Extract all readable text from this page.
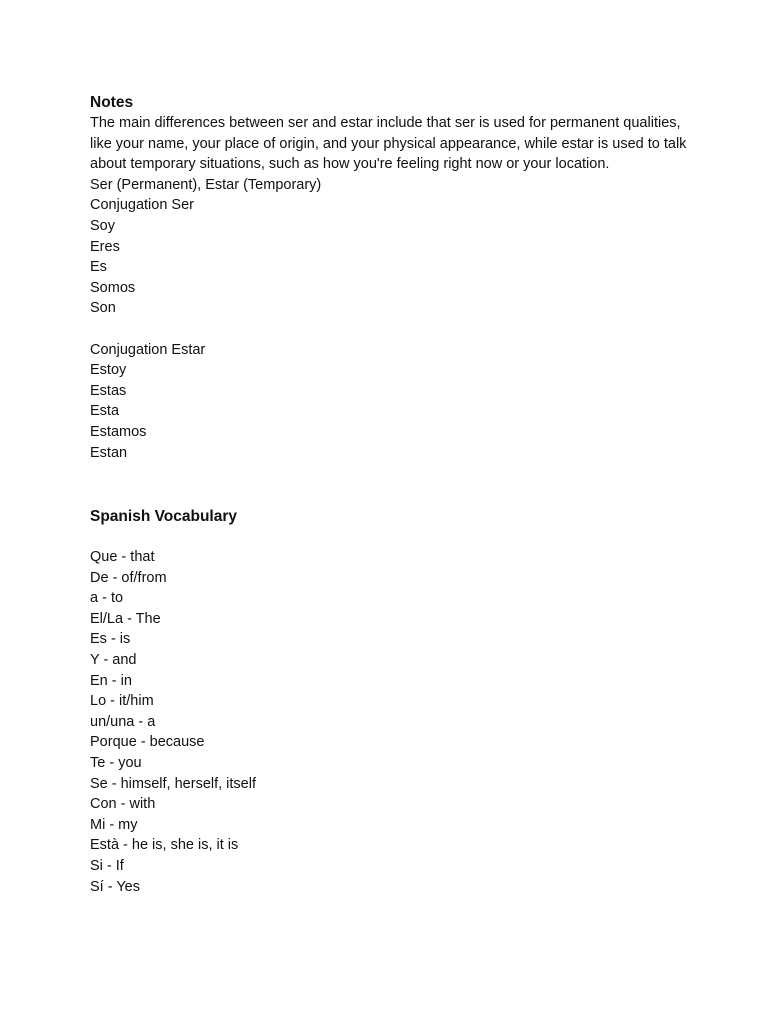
Notes
The main differences between ser and estar include that ser is used for permanent qualities, like your name, your place of origin, and your physical appearance, while estar is used to talk about temporary situations, such as how you're feeling right now or your location.
Ser (Permanent), Estar (Temporary)
Conjugation Ser
Soy
Eres
Es
Somos
Son
Conjugation Estar
Estoy
Estas
Esta
Estamos
Estan
Spanish Vocabulary
Que - that
De - of/from
a - to
El/La - The
Es - is
Y - and
En - in
Lo - it/him
un/una - a
Porque - because
Te - you
Se - himself, herself, itself
Con - with
Mi - my
Està - he is, she is, it is
Si - If
Sí - Yes
